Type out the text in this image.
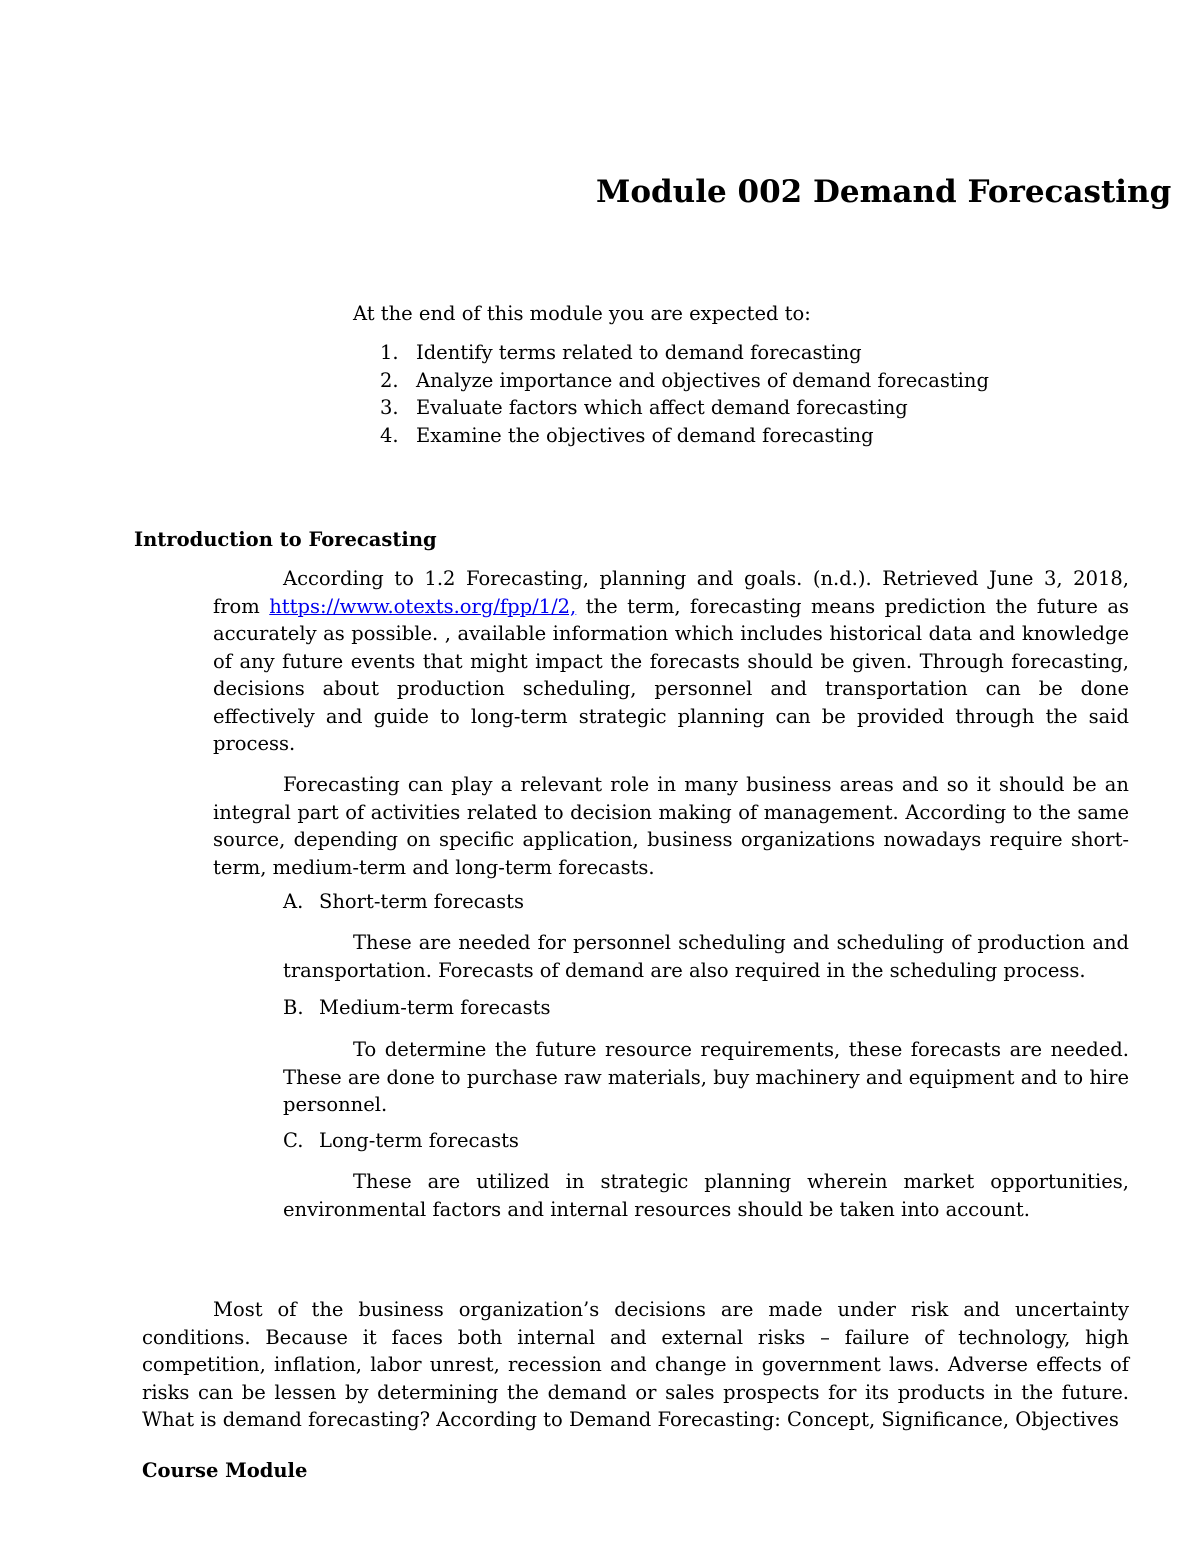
Module 002 Demand Forecasting
At the end of this module you are expected to:
1. Identify terms related to demand forecasting
2. Analyze importance and objectives of demand forecasting
3. Evaluate factors which affect demand forecasting
4. Examine the objectives of demand forecasting
Introduction to Forecasting

According to 1.2 Forecasting, planning and goals. (n.d.). Retrieved June 3, 2018, from https://www.otexts.org/fpp/1/2, the term, forecasting means prediction the future as accurately as possible. , available information which includes historical data and knowledge of any future events that might impact the forecasts should be given. Through forecasting, decisions about production scheduling, personnel and transportation can be done effectively and guide to long-term strategic planning can be provided through the said process.

Forecasting can play a relevant role in many business areas and so it should be an integral part of activities related to decision making of management. According to the same source, depending on specific application, business organizations nowadays require short-term, medium-term and long-term forecasts.

A. Short-term forecasts

These are needed for personnel scheduling and scheduling of production and transportation. Forecasts of demand are also required in the scheduling process.

B. Medium-term forecasts

To determine the future resource requirements, these forecasts are needed. These are done to purchase raw materials, buy machinery and equipment and to hire personnel.

C. Long-term forecasts

These are utilized in strategic planning wherein market opportunities, environmental factors and internal resources should be taken into account.

Most of the business organization’s decisions are made under risk and uncertainty conditions. Because it faces both internal and external risks – failure of technology, high competition, inflation, labor unrest, recession and change in government laws. Adverse effects of risks can be lessen by determining the demand or sales prospects for its products in the future. What is demand forecasting? According to Demand Forecasting: Concept, Significance, Objectives

Course Module
